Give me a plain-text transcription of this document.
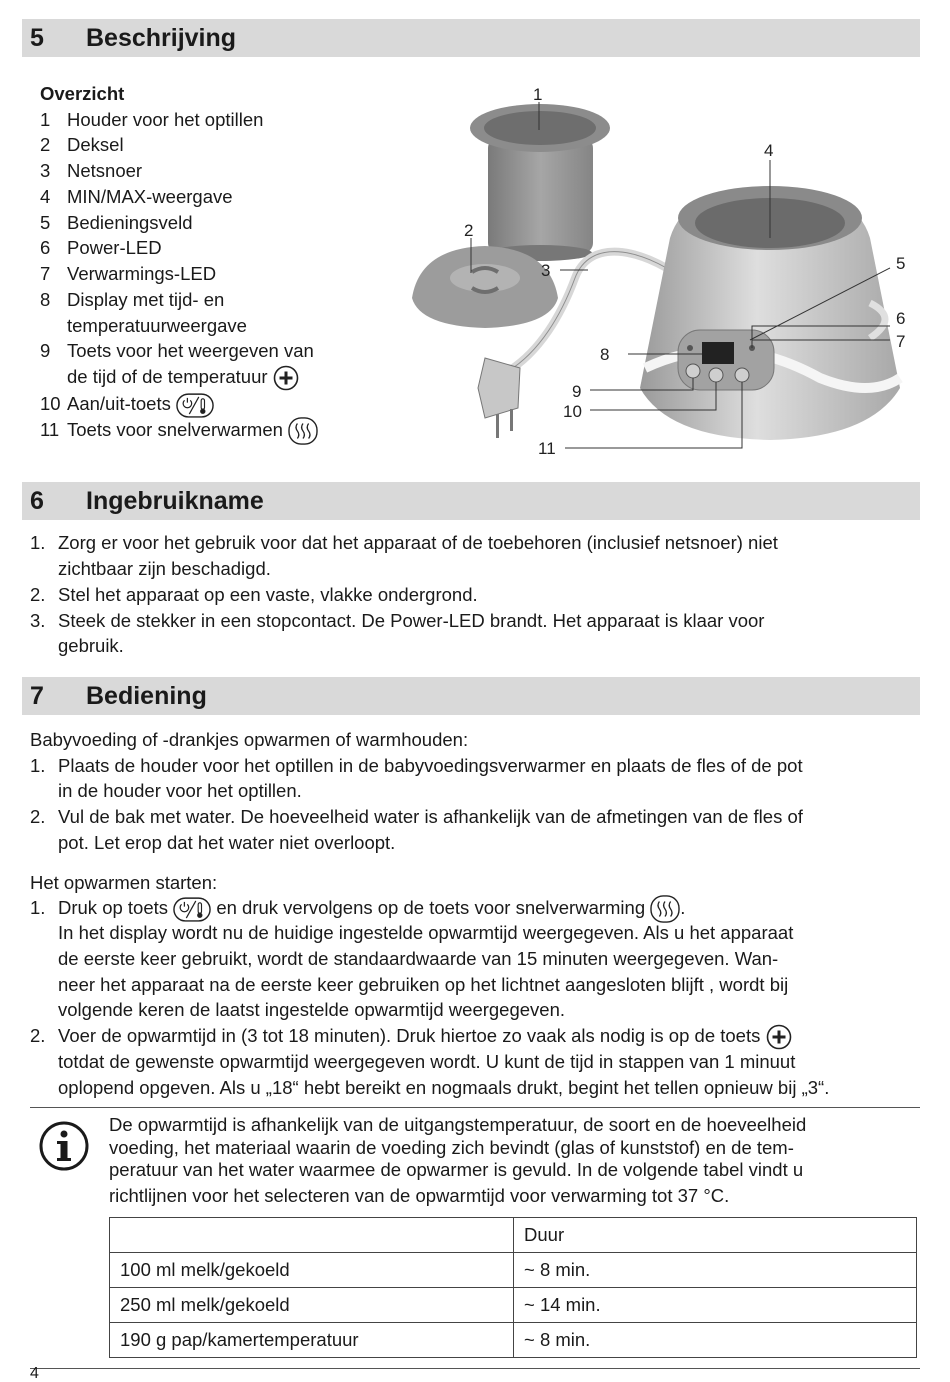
5 Beschrijving
Overzicht
1 Houder voor het optillen
2 Deksel
3 Netsnoer
4 MIN/MAX-weergave
5 Bedieningsveld
6 Power-LED
7 Verwarmings-LED
8 Display met tijd- en
temperatuurweergave
9 Toets voor het weergeven van
de tijd of de temperatuur
10 Aan/uit-toets
11 Toets voor snelverwarmen
1
2
3
4
5
6
7
8
9
10
11
6 Ingebruikname
1. Zorg er voor het gebruik voor dat het apparaat of de toebehoren (inclusief netsnoer) niet
zichtbaar zijn beschadigd.
2. Stel het apparaat op een vaste, vlakke ondergrond.
3. Steek de stekker in een stopcontact. De Power-LED brandt. Het apparaat is klaar voor
gebruik.
7 Bediening
Babyvoeding of -drankjes opwarmen of warmhouden:
1. Plaats de houder voor het optillen in de babyvoedingsverwarmer en plaats de fles of de pot
in de houder voor het optillen.
2. Vul de bak met water. De hoeveelheid water is afhankelijk van de afmetingen van de fles of
pot. Let erop dat het water niet overloopt.
Het opwarmen starten:
1. Druk op toets	en druk vervolgens op de toets voor snelverwarming .
In het display wordt nu de huidige ingestelde opwarmtijd weergegeven. Als u het apparaat
de eerste keer gebruikt, wordt de standaardwaarde van 15 minuten weergegeven. Wan-
neer het apparaat na de eerste keer gebruiken op het lichtnet aangesloten blijft , wordt bij
volgende keren de laatst ingestelde opwarmtijd weergegeven.
2. Voer de opwarmtijd in (3 tot 18 minuten). Druk hiertoe zo vaak als nodig is op de toets
totdat de gewenste opwarmtijd weergegeven wordt. U kunt de tijd in stappen van 1 minuut
oplopend opgeven. Als u „18“ hebt bereikt en nogmaals drukt, begint het tellen opnieuw bij „3“.
De opwarmtijd is afhankelijk van de uitgangstemperatuur, de soort en de hoeveelheid
voeding, het materiaal waarin de voeding zich bevindt (glas of kunststof) en de tem-
peratuur van het water waarmee de opwarmer is gevuld. In de volgende tabel vindt u
richtlijnen voor het selecteren van de opwarmtijd voor verwarming tot 37 °C.
	Duur
100 ml melk/gekoeld	~ 8 min.
250 ml melk/gekoeld	~ 14 min.
190 g pap/kamertemperatuur	~ 8 min.
4
